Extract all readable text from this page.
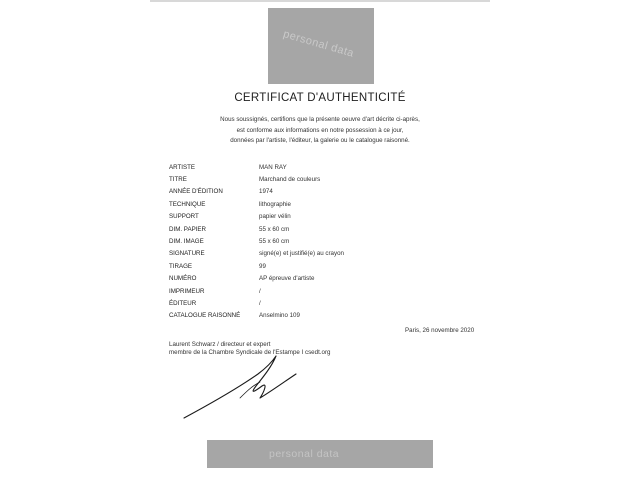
personal data
CERTIFICAT D'AUTHENTICITÉ
Nous soussignés, certifions que la présente oeuvre d'art décrite ci-après,
est conforme aux informations en notre possession à ce jour,
données par l'artiste, l'éditeur, la galerie ou le catalogue raisonné.
ARTISTE	MAN RAY
TITRE	Marchand de couleurs
ANNÉE D'ÉDITION	1974
TECHNIQUE	lithographie
SUPPORT	papier vélin
DIM. PAPIER	55 x 60 cm
DIM. IMAGE	55 x 60 cm
SIGNATURE	signé(e) et justifié(e) au crayon
TIRAGE	99
NUMÉRO	AP épreuve d'artiste
IMPRIMEUR	/
ÉDITEUR	/
CATALOGUE RAISONNÉ	Anselmino 109
Paris, 26 novembre 2020
Laurent Schwarz / directeur et expert
membre de la Chambre Syndicale de l'Estampe I csedt.org
personal data
